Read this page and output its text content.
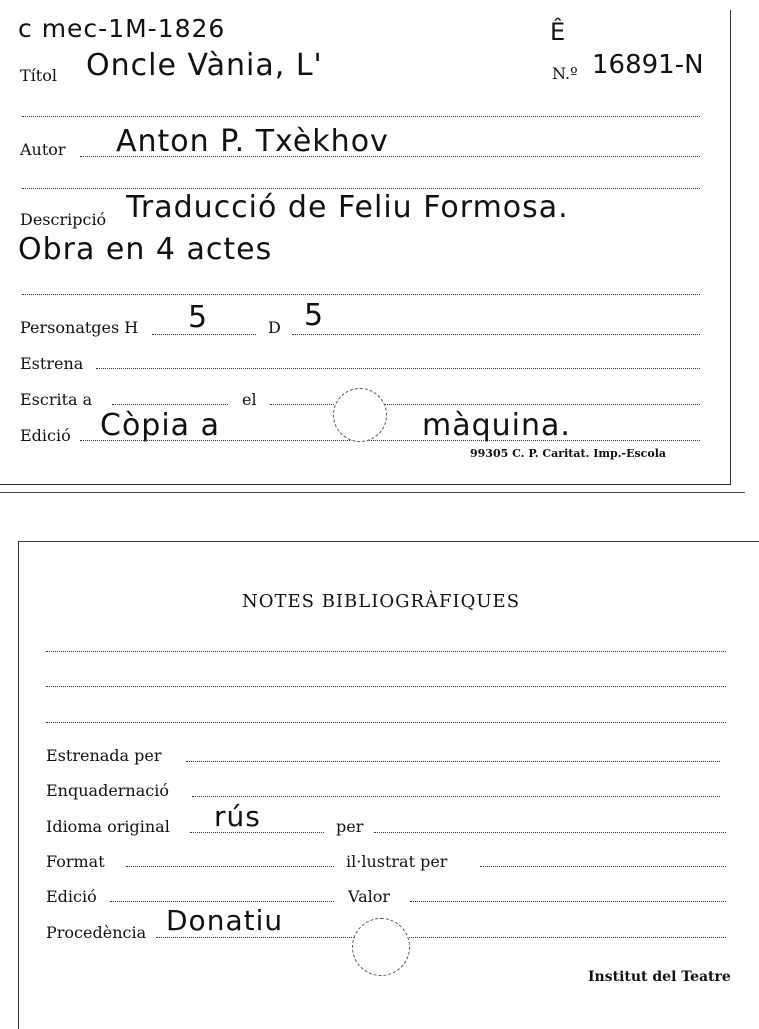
c mec-1M-1826	Ê
Títol Oncle Vània, L'	N.º 16891-N
Autor Anton P. Txèkhov
Descripció Traducció de Feliu Formosa.
Obra en 4 actes
Personatges H 5	D 5
Estrena
Escrita a	el
Edició Còpia a	màquina.
99305 C. P. Caritat. Imp.-Escola
NOTES BIBLIOGRÀFIQUES
Estrenada per
Enquadernació
Idioma original rús	per
Format	il·lustrat per
Edició	Valor
Procedència Donatiu
Institut del Teatre
